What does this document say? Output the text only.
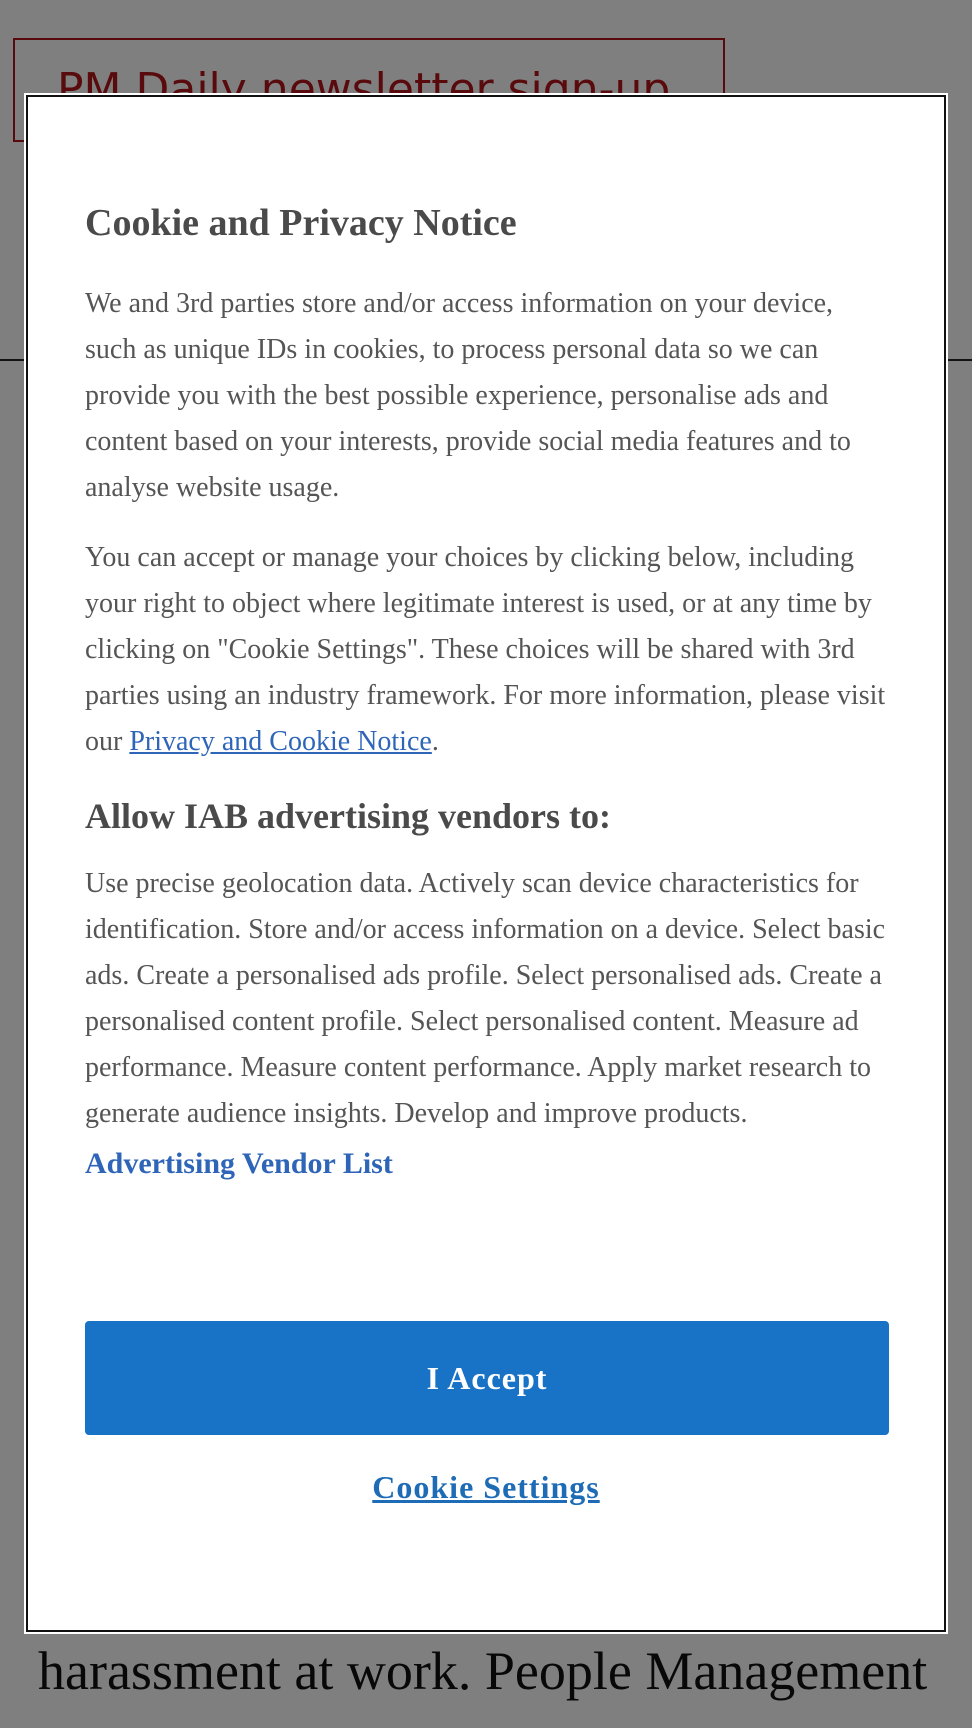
Cookie and Privacy Notice

We and 3rd parties store and/or access information on your device, such as unique IDs in cookies, to process personal data so we can provide you with the best possible experience, personalise ads and content based on your interests, provide social media features and to analyse website usage.

You can accept or manage your choices by clicking below, including your right to object where legitimate interest is used, or at any time by clicking on "Cookie Settings". These choices will be shared with 3rd parties using an industry framework. For more information, please visit our Privacy and Cookie Notice.

Allow IAB advertising vendors to:

Use precise geolocation data. Actively scan device characteristics for identification. Store and/or access information on a device. Select basic ads. Create a personalised ads profile. Select personalised ads. Create a personalised content profile. Select personalised content. Measure ad performance. Measure content performance. Apply market research to generate audience insights. Develop and improve products.

Advertising Vendor List
I Accept
Cookie Settings
